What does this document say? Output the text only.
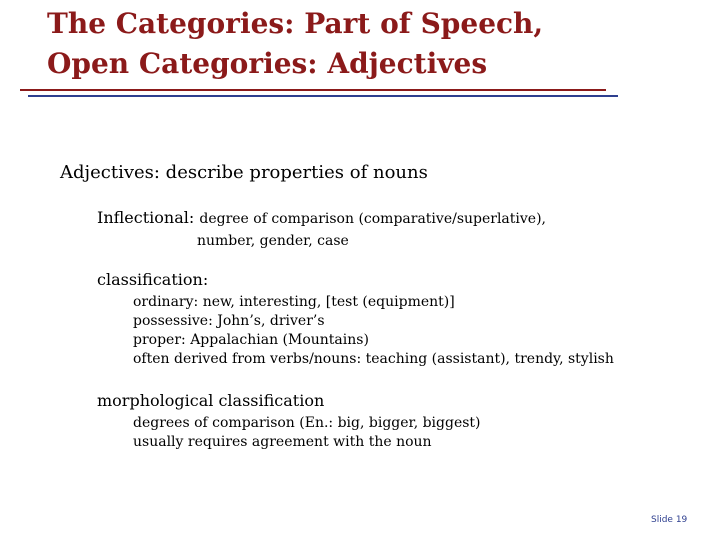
The Categories: Part of Speech,
Open Categories: Adjectives
Adjectives: describe properties of nouns
Inflectional: degree of comparison (comparative/superlative),
number, gender, case
classification:
ordinary: new, interesting, [test (equipment)]
possessive: John’s, driver’s
proper: Appalachian (Mountains)
often derived from verbs/nouns: teaching (assistant), trendy, stylish
morphological classification
degrees of comparison (En.: big, bigger, biggest)
usually requires agreement with the noun
Slide 19
